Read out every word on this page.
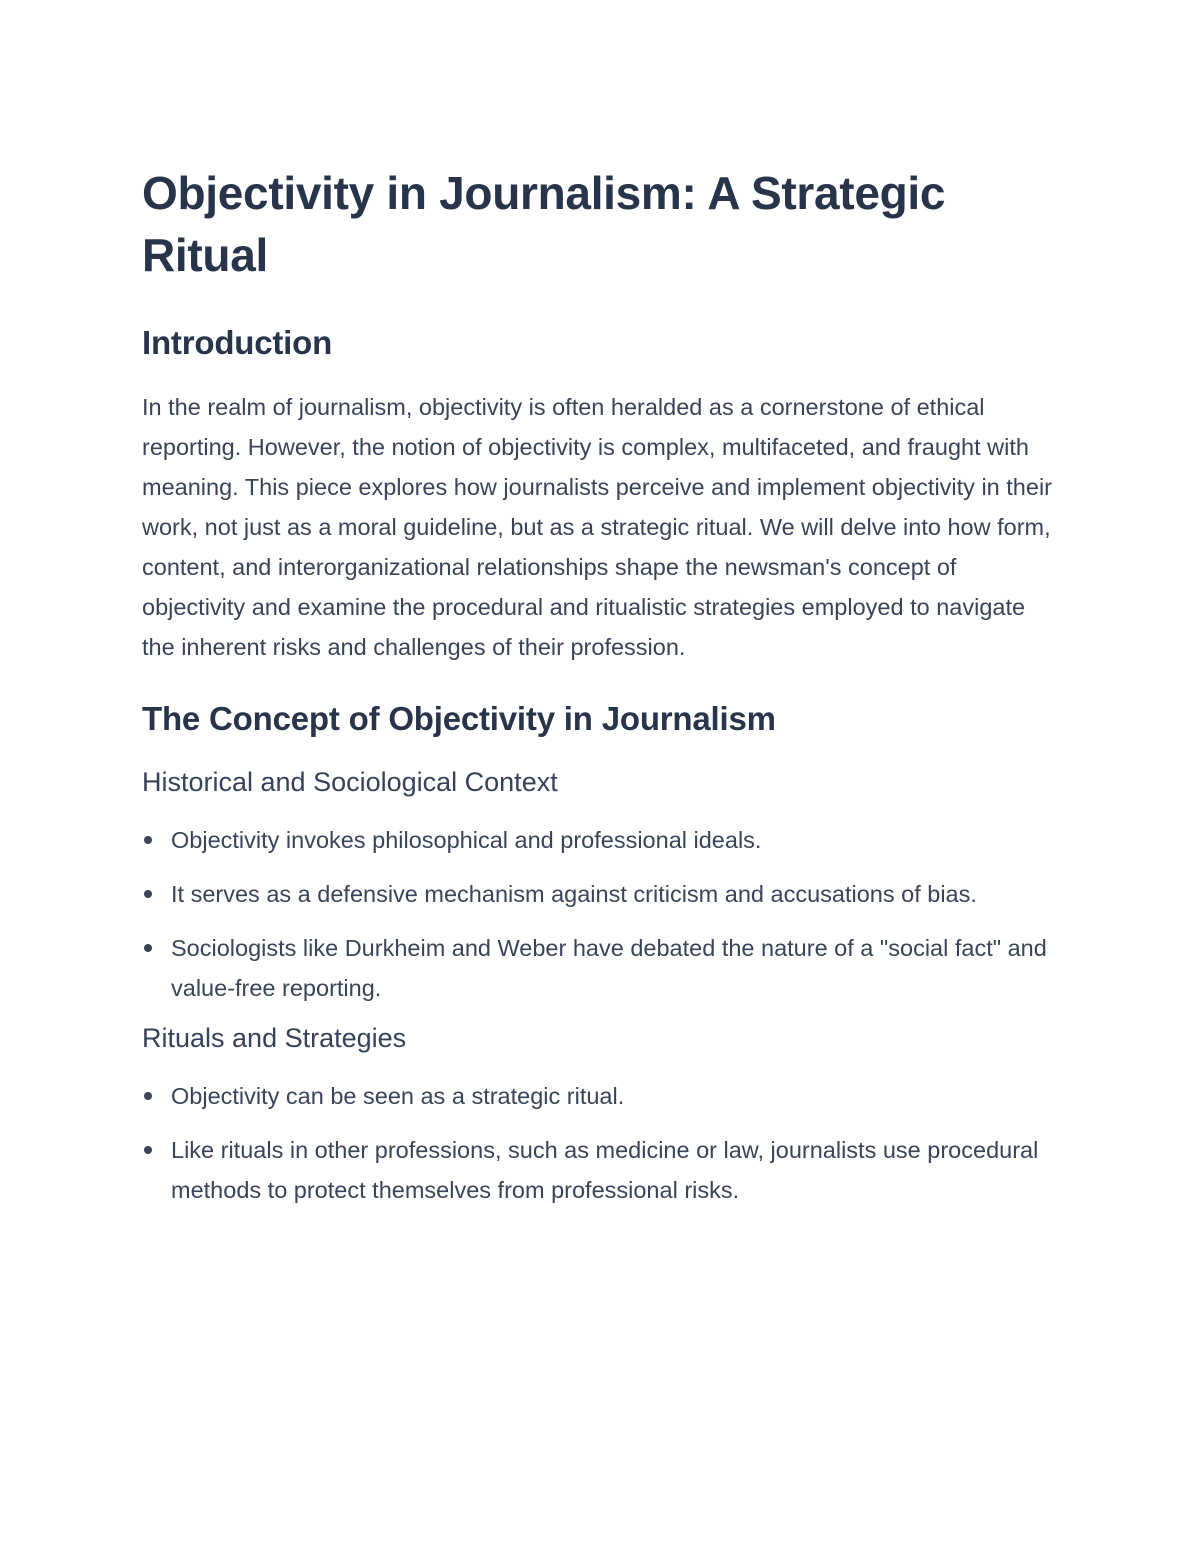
Objectivity in Journalism: A Strategic Ritual
Introduction

In the realm of journalism, objectivity is often heralded as a cornerstone of ethical reporting. However, the notion of objectivity is complex, multifaceted, and fraught with meaning. This piece explores how journalists perceive and implement objectivity in their work, not just as a moral guideline, but as a strategic ritual. We will delve into how form, content, and interorganizational relationships shape the newsman's concept of objectivity and examine the procedural and ritualistic strategies employed to navigate the inherent risks and challenges of their profession.

The Concept of Objectivity in Journalism
Historical and Sociological Context
Objectivity invokes philosophical and professional ideals.
It serves as a defensive mechanism against criticism and accusations of bias.
Sociologists like Durkheim and Weber have debated the nature of a "social fact" and value-free reporting.
Rituals and Strategies
Objectivity can be seen as a strategic ritual.
Like rituals in other professions, such as medicine or law, journalists use procedural methods to protect themselves from professional risks.
